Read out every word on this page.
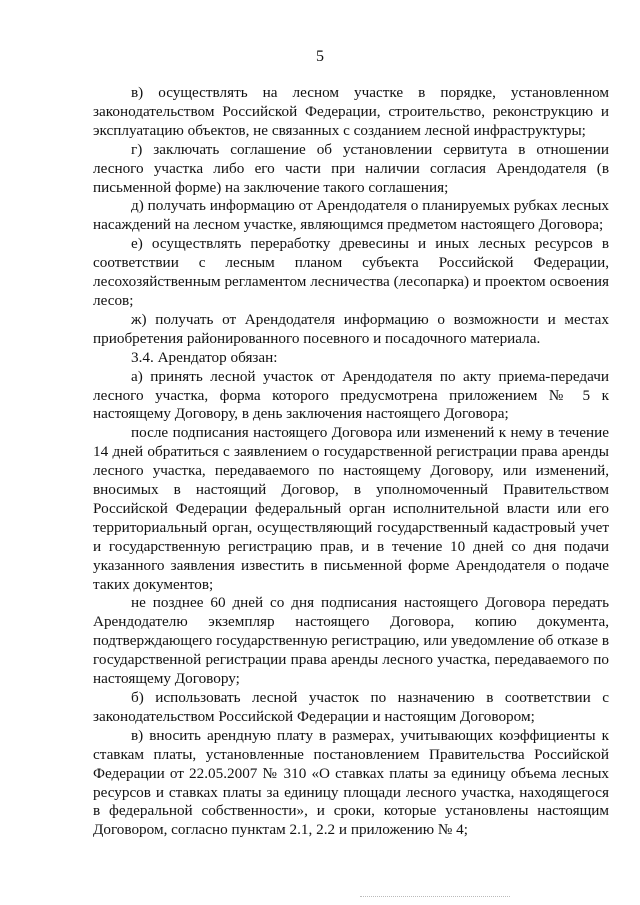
5

в) осуществлять на лесном участке в порядке, установленном законодательством Российской Федерации, строительство, реконструкцию и эксплуатацию объектов, не связанных с созданием лесной инфраструктуры;

г) заключать соглашение об установлении сервитута в отношении лесного участка либо его части при наличии согласия Арендодателя (в письменной форме) на заключение такого соглашения;

д) получать информацию от Арендодателя о планируемых рубках лесных насаждений на лесном участке, являющимся предметом настоящего Договора;

е) осуществлять переработку древесины и иных лесных ресурсов в соответствии с лесным планом субъекта Российской Федерации, лесохозяйственным регламентом лесничества (лесопарка) и проектом освоения лесов;

ж) получать от Арендодателя информацию о возможности и местах приобретения районированного посевного и посадочного материала.

3.4. Арендатор обязан:

а) принять лесной участок от Арендодателя по акту приема-передачи лесного участка, форма которого предусмотрена приложением № 5 к настоящему Договору, в день заключения настоящего Договора;

после подписания настоящего Договора или изменений к нему в течение 14 дней обратиться с заявлением о государственной регистрации права аренды лесного участка, передаваемого по настоящему Договору, или изменений, вносимых в настоящий Договор, в уполномоченный Правительством Российской Федерации федеральный орган исполнительной власти или его территориальный орган, осуществляющий государственный кадастровый учет и государственную регистрацию прав, и в течение 10 дней со дня подачи указанного заявления известить в письменной форме Арендодателя о подаче таких документов;

не позднее 60 дней со дня подписания настоящего Договора передать Арендодателю экземпляр настоящего Договора, копию документа, подтверждающего государственную регистрацию, или уведомление об отказе в государственной регистрации права аренды лесного участка, передаваемого по настоящему Договору;

б) использовать лесной участок по назначению в соответствии с законодательством Российской Федерации и настоящим Договором;

в) вносить арендную плату в размерах, учитывающих коэффициенты к ставкам платы, установленные постановлением Правительства Российской Федерации от 22.05.2007 № 310 «О ставках платы за единицу объема лесных ресурсов и ставках платы за единицу площади лесного участка, находящегося в федеральной собственности», и сроки, которые установлены настоящим Договором, согласно пунктам 2.1, 2.2 и приложению № 4;
